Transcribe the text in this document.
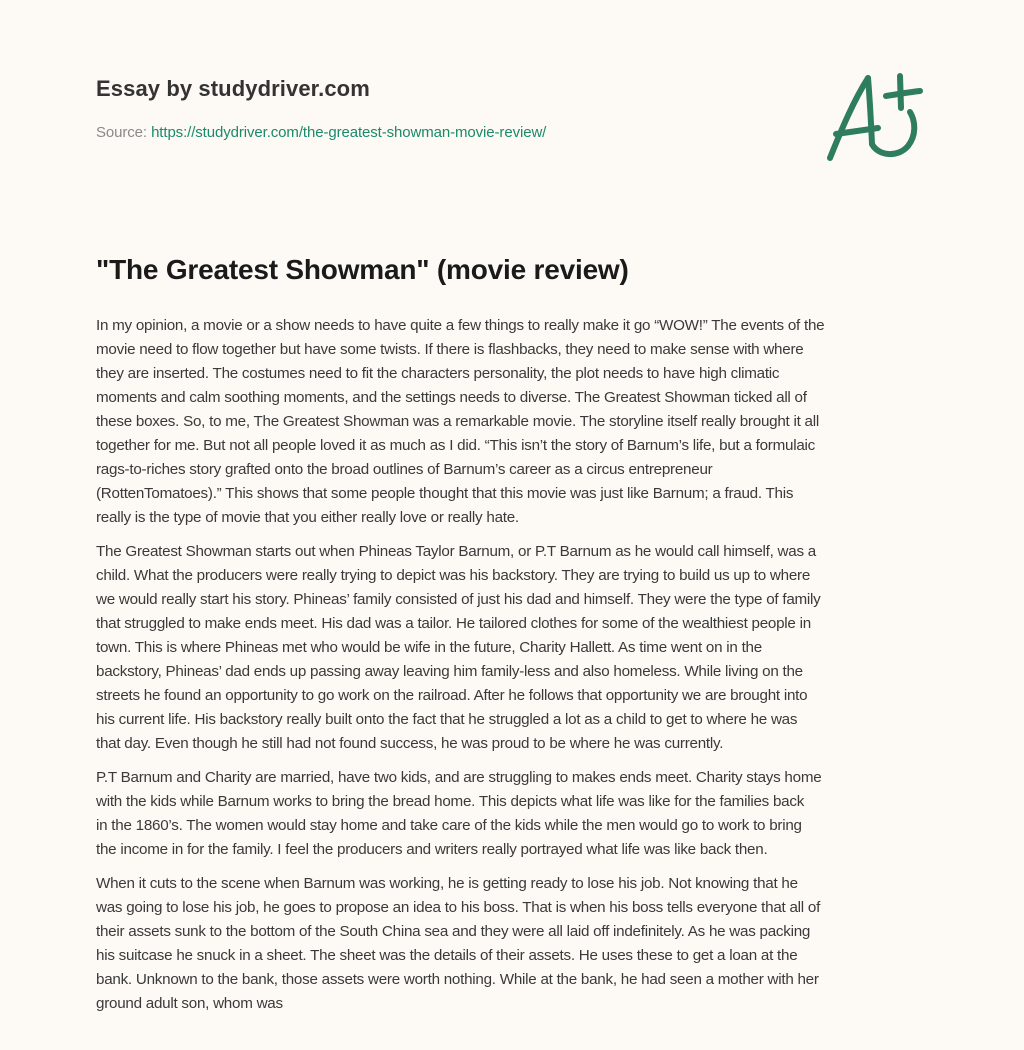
Essay by studydriver.com
Source: https://studydriver.com/the-greatest-showman-movie-review/
"The Greatest Showman" (movie review)

In my opinion, a movie or a show needs to have quite a few things to really make it go “WOW!” The events of the
movie need to flow together but have some twists. If there is flashbacks, they need to make sense with where
they are inserted. The costumes need to fit the characters personality, the plot needs to have high climatic
moments and calm soothing moments, and the settings needs to diverse. The Greatest Showman ticked all of
these boxes. So, to me, The Greatest Showman was a remarkable movie. The storyline itself really brought it all
together for me. But not all people loved it as much as I did. “This isn’t the story of Barnum’s life, but a formulaic
rags-to-riches story grafted onto the broad outlines of Barnum’s career as a circus entrepreneur
(RottenTomatoes).” This shows that some people thought that this movie was just like Barnum; a fraud. This
really is the type of movie that you either really love or really hate.

The Greatest Showman starts out when Phineas Taylor Barnum, or P.T Barnum as he would call himself, was a
child. What the producers were really trying to depict was his backstory. They are trying to build us up to where
we would really start his story. Phineas’ family consisted of just his dad and himself. They were the type of family
that struggled to make ends meet. His dad was a tailor. He tailored clothes for some of the wealthiest people in
town. This is where Phineas met who would be wife in the future, Charity Hallett. As time went on in the
backstory, Phineas’ dad ends up passing away leaving him family-less and also homeless. While living on the
streets he found an opportunity to go work on the railroad. After he follows that opportunity we are brought into
his current life. His backstory really built onto the fact that he struggled a lot as a child to get to where he was
that day. Even though he still had not found success, he was proud to be where he was currently.

P.T Barnum and Charity are married, have two kids, and are struggling to makes ends meet. Charity stays home
with the kids while Barnum works to bring the bread home. This depicts what life was like for the families back
in the 1860’s. The women would stay home and take care of the kids while the men would go to work to bring
the income in for the family. I feel the producers and writers really portrayed what life was like back then.

When it cuts to the scene when Barnum was working, he is getting ready to lose his job. Not knowing that he
was going to lose his job, he goes to propose an idea to his boss. That is when his boss tells everyone that all of
their assets sunk to the bottom of the South China sea and they were all laid off indefinitely. As he was packing
his suitcase he snuck in a sheet. The sheet was the details of their assets. He uses these to get a loan at the
bank. Unknown to the bank, those assets were worth nothing. While at the bank, he had seen a mother with her
ground adult son, whom was
